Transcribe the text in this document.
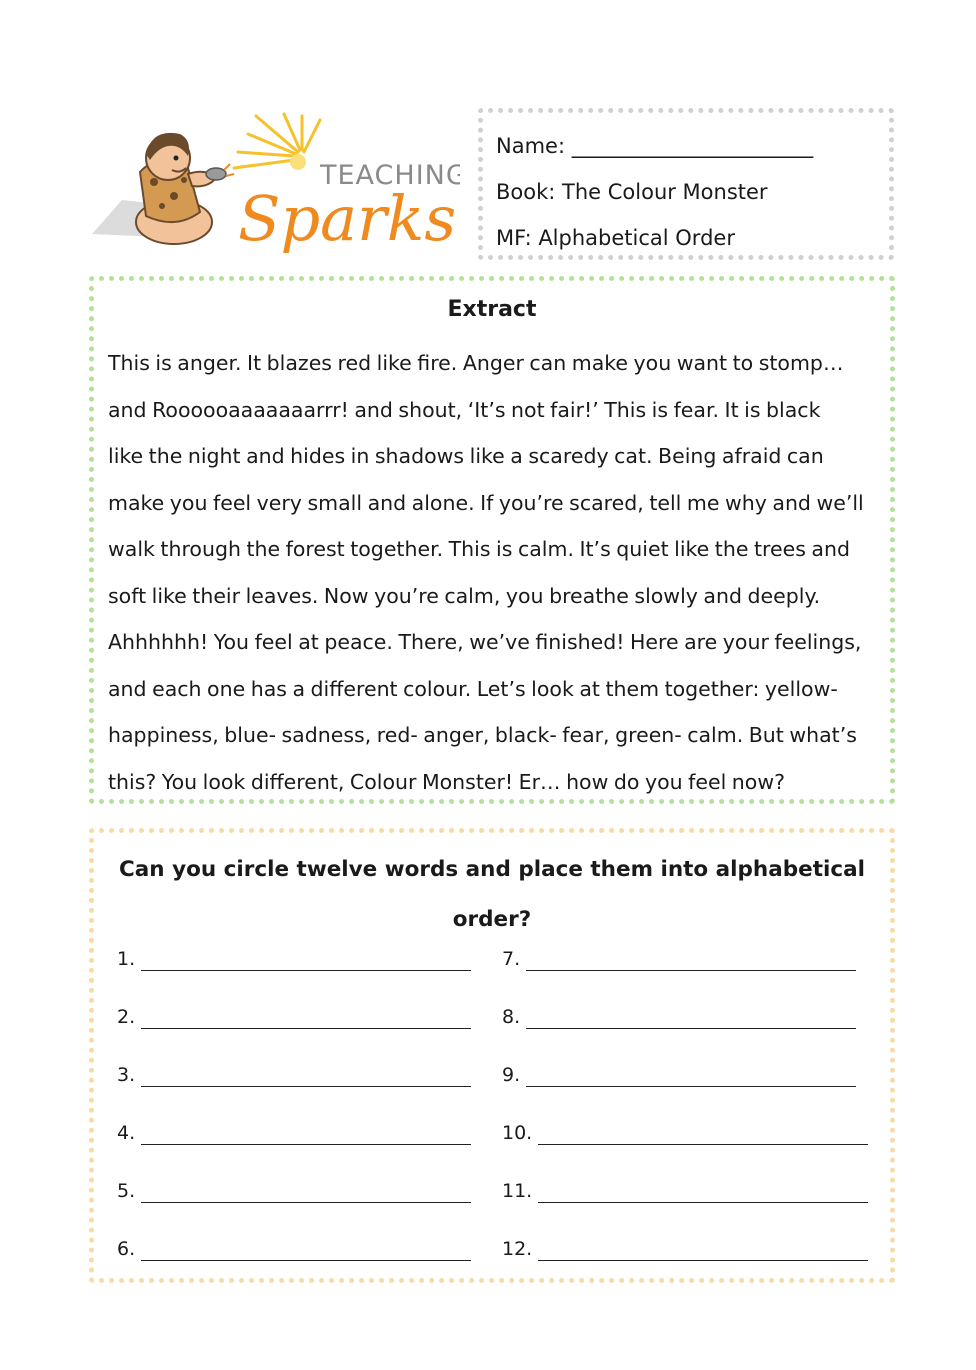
TEACHING
Sparks
Name: _______________________
Book: The Colour Monster
MF: Alphabetical Order
Extract

This is anger. It blazes red like fire. Anger can make you want to stomp…
and Roooooaaaaaaarrr! and shout, ‘It’s not fair!’ This is fear. It is black
like the night and hides in shadows like a scaredy cat. Being afraid can
make you feel very small and alone. If you’re scared, tell me why and we’ll
walk through the forest together. This is calm. It’s quiet like the trees and
soft like their leaves. Now you’re calm, you breathe slowly and deeply.
Ahhhhhh! You feel at peace. There, we’ve finished! Here are your feelings,
and each one has a different colour. Let’s look at them together: yellow-
happiness, blue- sadness, red- anger, black- fear, green- calm. But what’s
this? You look different, Colour Monster! Er… how do you feel now?

Can you circle twelve words and place them into alphabetical
order?
1.
2.
3.
4.
5.
6.
7.
8.
9.
10.
11.
12.
